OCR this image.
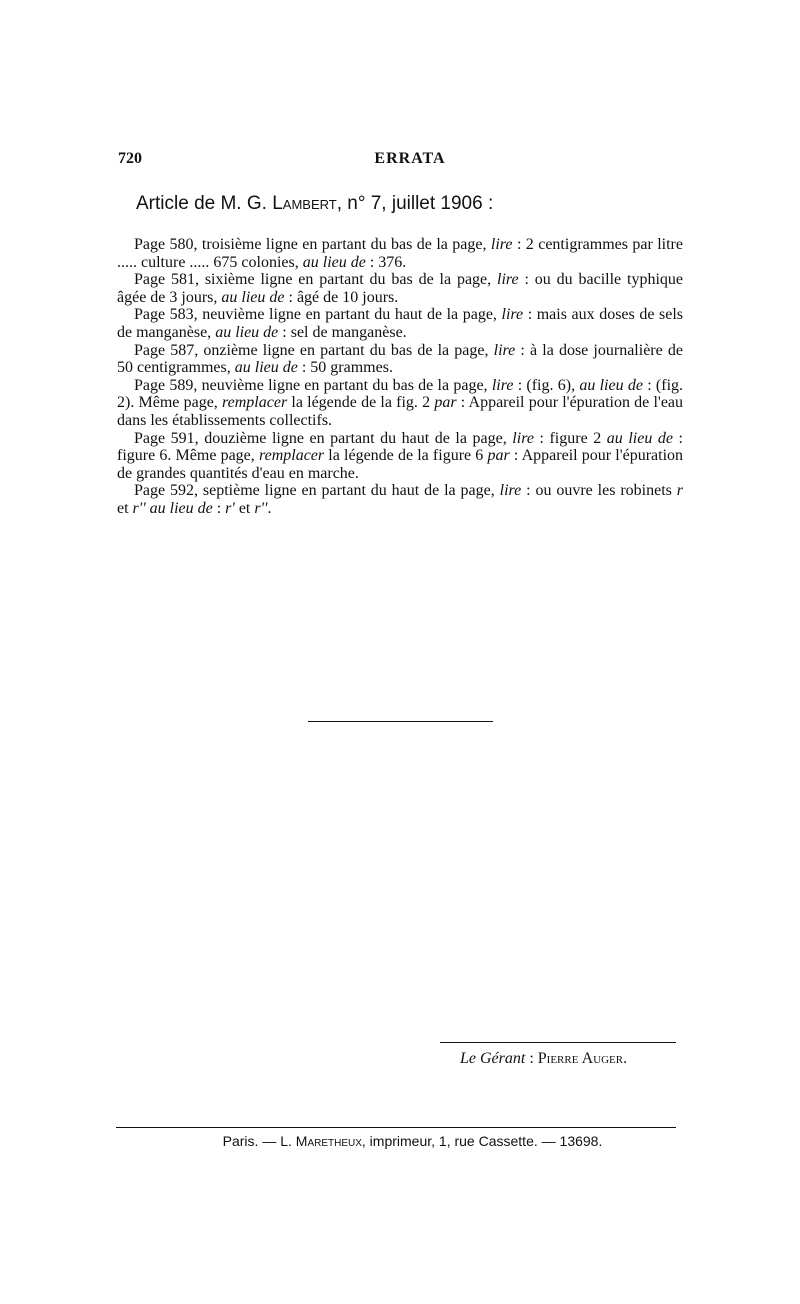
720	ERRATA
Article de M. G. Lambert, n° 7, juillet 1906 :

Page 580, troisième ligne en partant du bas de la page, lire : 2 centigrammes par litre ..... culture ..... 675 colonies, au lieu de : 376.

Page 581, sixième ligne en partant du bas de la page, lire : ou du bacille typhique âgée de 3 jours, au lieu de : âgé de 10 jours.

Page 583, neuvième ligne en partant du haut de la page, lire : mais aux doses de sels de manganèse, au lieu de : sel de manganèse.

Page 587, onzième ligne en partant du bas de la page, lire : à la dose journalière de 50 centigrammes, au lieu de : 50 grammes.

Page 589, neuvième ligne en partant du bas de la page, lire : (fig. 6), au lieu de : (fig. 2). Même page, remplacer la légende de la fig. 2 par : Appareil pour l'épuration de l'eau dans les établissements collectifs.

Page 591, douzième ligne en partant du haut de la page, lire : figure 2 au lieu de : figure 6. Même page, remplacer la légende de la figure 6 par : Appareil pour l'épuration de grandes quantités d'eau en marche.

Page 592, septième ligne en partant du haut de la page, lire : ou ouvre les robinets r et r'' au lieu de : r' et r''.

Le Gérant : Pierre Auger.
Paris. — L. Maretheux, imprimeur, 1, rue Cassette. — 13698.
